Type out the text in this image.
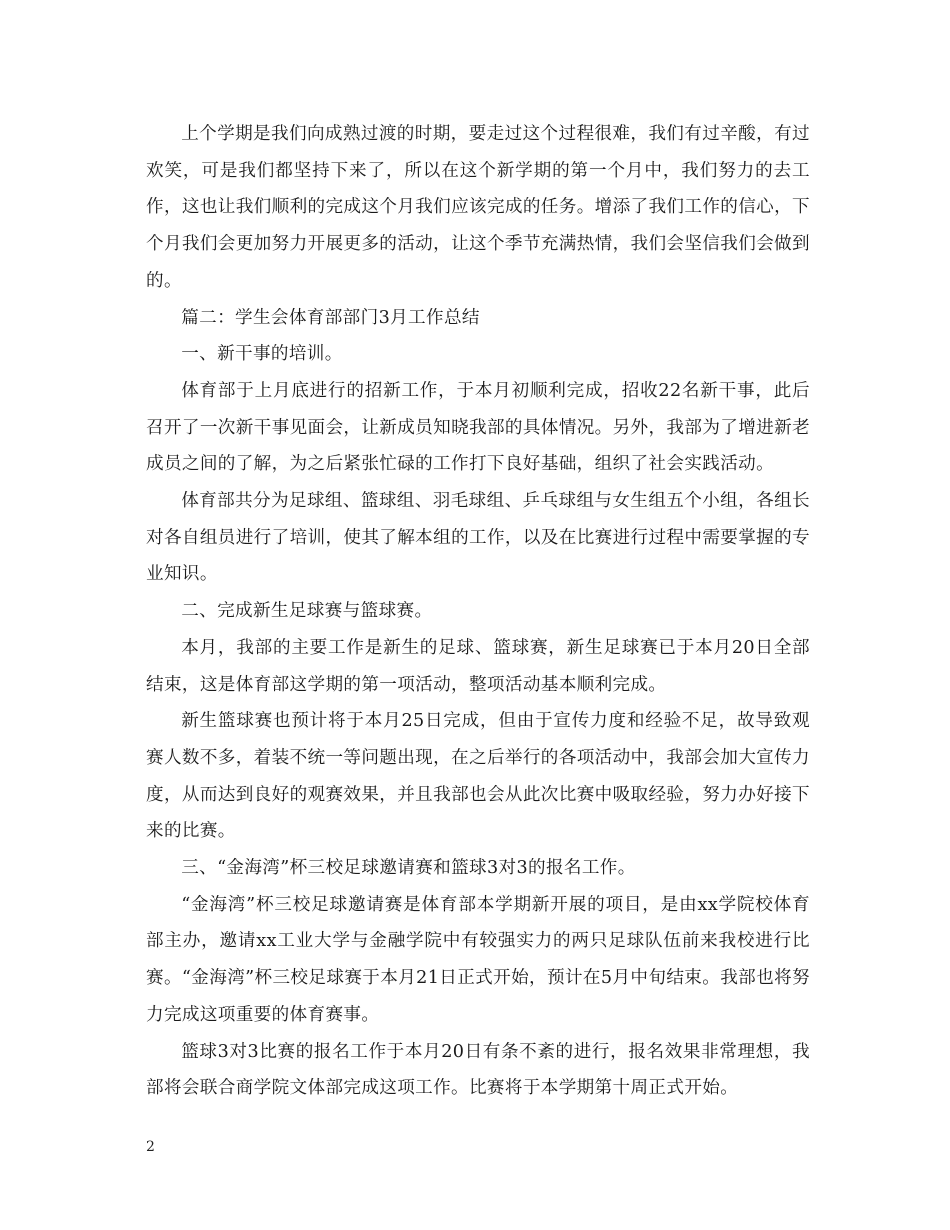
上个学期是我们向成熟过渡的时期，要走过这个过程很难，我们有过辛酸，有过欢笑，可是我们都坚持下来了，所以在这个新学期的第一个月中，我们努力的去工作，这也让我们顺利的完成这个月我们应该完成的任务。增添了我们工作的信心，下个月我们会更加努力开展更多的活动，让这个季节充满热情，我们会坚信我们会做到的。

篇二：学生会体育部部门3月工作总结

一、新干事的培训。

体育部于上月底进行的招新工作，于本月初顺利完成，招收22名新干事，此后召开了一次新干事见面会，让新成员知晓我部的具体情况。另外，我部为了增进新老成员之间的了解，为之后紧张忙碌的工作打下良好基础，组织了社会实践活动。

体育部共分为足球组、篮球组、羽毛球组、乒乓球组与女生组五个小组，各组长对各自组员进行了培训，使其了解本组的工作，以及在比赛进行过程中需要掌握的专业知识。

二、完成新生足球赛与篮球赛。

本月，我部的主要工作是新生的足球、篮球赛，新生足球赛已于本月20日全部结束，这是体育部这学期的第一项活动，整项活动基本顺利完成。

新生篮球赛也预计将于本月25日完成，但由于宣传力度和经验不足，故导致观赛人数不多，着装不统一等问题出现，在之后举行的各项活动中，我部会加大宣传力度，从而达到良好的观赛效果，并且我部也会从此次比赛中吸取经验，努力办好接下来的比赛。

三、“金海湾”杯三校足球邀请赛和篮球3对3的报名工作。

“金海湾”杯三校足球邀请赛是体育部本学期新开展的项目，是由xx学院校体育部主办，邀请xx工业大学与金融学院中有较强实力的两只足球队伍前来我校进行比赛。“金海湾”杯三校足球赛于本月21日正式开始，预计在5月中旬结束。我部也将努力完成这项重要的体育赛事。

篮球3对3比赛的报名工作于本月20日有条不紊的进行，报名效果非常理想，我部将会联合商学院文体部完成这项工作。比赛将于本学期第十周正式开始。

2
